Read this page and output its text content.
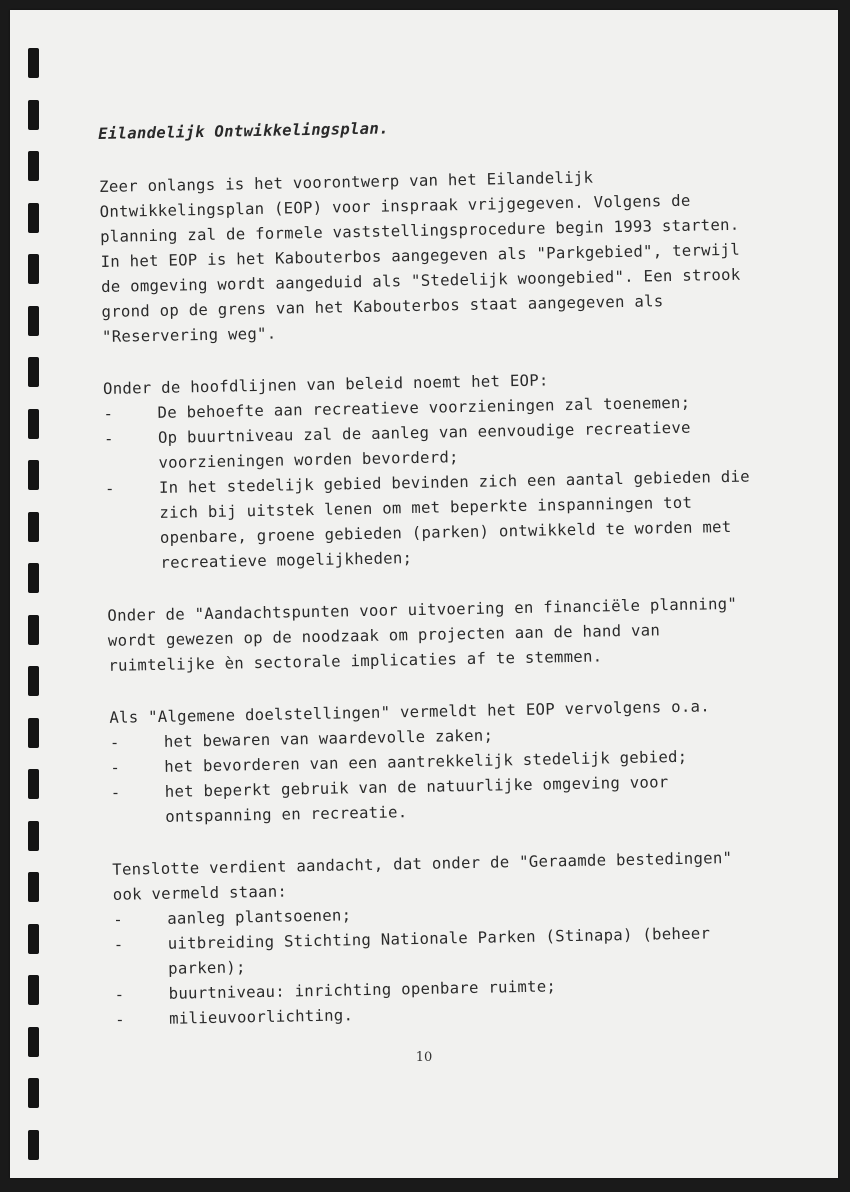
Eilandelijk Ontwikkelingsplan.

Zeer onlangs is het voorontwerp van het Eilandelijk Ontwikkelingsplan (EOP) voor inspraak vrijgegeven. Volgens de planning zal de formele vaststellingsprocedure begin 1993 starten.

In het EOP is het Kabouterbos aangegeven als "Parkgebied", terwijl de omgeving wordt aangeduid als "Stedelijk woongebied". Een strook grond op de grens van het Kabouterbos staat aangegeven als "Reservering weg".

Onder de hoofdlijnen van beleid noemt het EOP:

-	De behoefte aan recreatieve voorzieningen zal toenemen;
-	Op buurtniveau zal de aanleg van eenvoudige recreatieve voorzieningen worden bevorderd;
-	In het stedelijk gebied bevinden zich een aantal gebieden die zich bij uitstek lenen om met beperkte inspanningen tot openbare, groene gebieden (parken) ontwikkeld te worden met recreatieve mogelijkheden;

Onder de "Aandachtspunten voor uitvoering en financiële planning" wordt gewezen op de noodzaak om projecten aan de hand van ruimtelijke èn sectorale implicaties af te stemmen.

Als "Algemene doelstellingen" vermeldt het EOP vervolgens o.a.

-	het bewaren van waardevolle zaken;
-	het bevorderen van een aantrekkelijk stedelijk gebied;
-	het beperkt gebruik van de natuurlijke omgeving voor ontspanning en recreatie.

Tenslotte verdient aandacht, dat onder de "Geraamde bestedingen" ook vermeld staan:

-	aanleg plantsoenen;
-	uitbreiding Stichting Nationale Parken (Stinapa) (beheer parken);
-	buurtniveau: inrichting openbare ruimte;
-	milieuvoorlichting.
10
